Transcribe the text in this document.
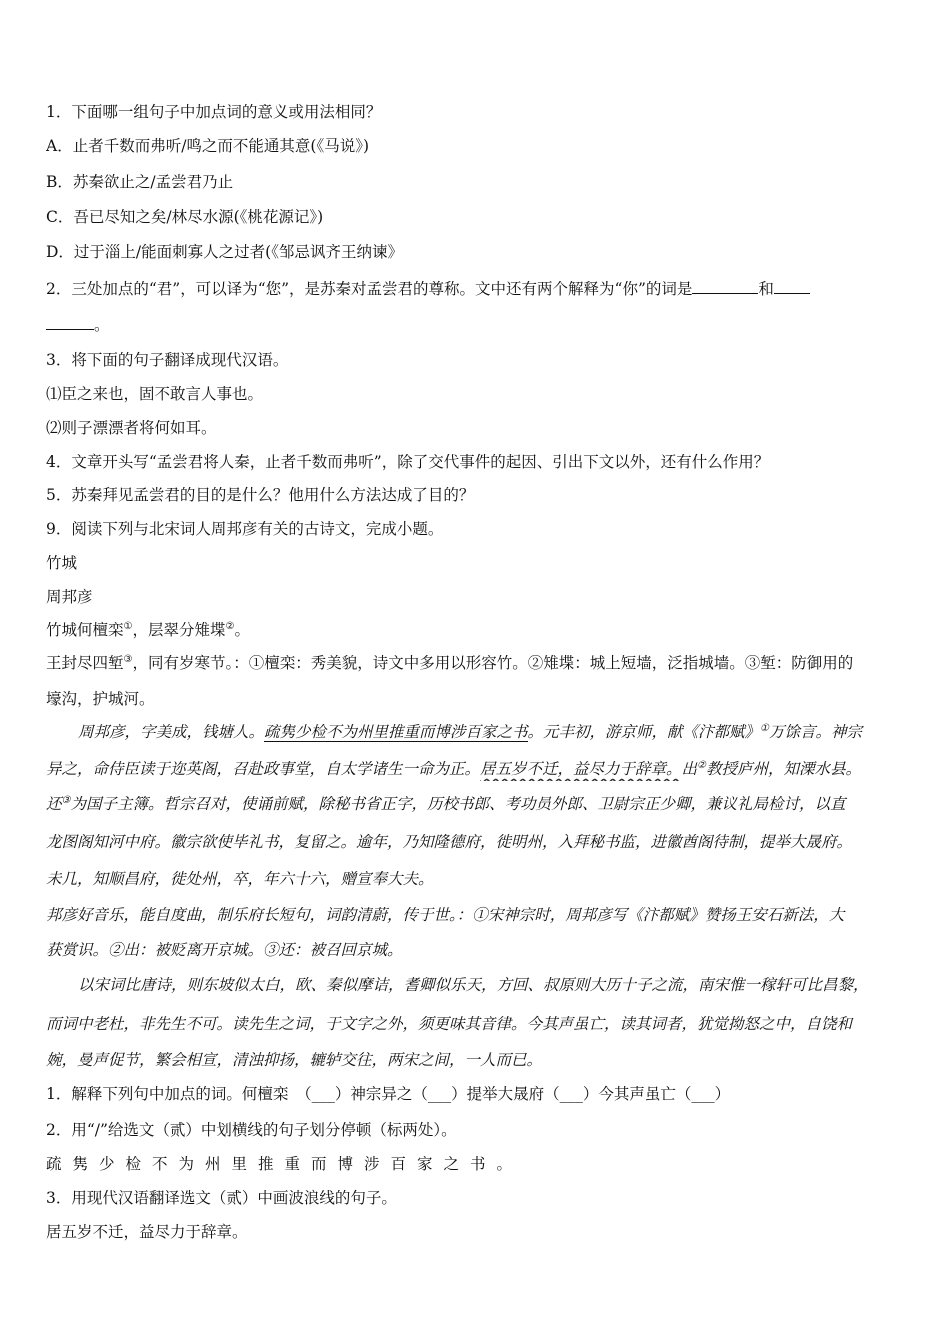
1．下面哪一组句子中加点词的意义或用法相同？
A．止者千数而弗听/鸣之而不能通其意(《马说》)
B．苏秦欲止之/孟尝君乃止
C．吾已尽知之矣/林尽水源(《桃花源记》)
D．过于淄上/能面刺寡人之过者(《邹忌讽齐王纳谏》
2．三处加点的“君”，可以译为“您”，是苏秦对孟尝君的尊称。文中还有两个解释为“你”的词是	和
。
3．将下面的句子翻译成现代汉语。
⑴臣之来也，固不敢言人事也。
⑵则子漂漂者将何如耳。
4．文章开头写“孟尝君将人秦，止者千数而弗听”，除了交代事件的起因、引出下文以外，还有什么作用？
5．苏秦拜见孟尝君的目的是什么？他用什么方法达成了目的？
9．阅读下列与北宋词人周邦彦有关的古诗文，完成小题。
竹城
周邦彦
竹城何檀栾①，层翠分雉堞②。
王封尽四堑③，同有岁寒节。：①檀栾：秀美貌，诗文中多用以形容竹。②雉堞：城上短墙，泛指城墙。③堑：防御用的
壕沟，护城河。
周邦彦，字美成，钱塘人。疏隽少检不为州里推重而博涉百家之书。元丰初，游京师，献《汴都赋》①万馀言。神宗
异之，命侍臣读于迩英阁，召赴政事堂，自太学诸生一命为正。居五岁不迁，益尽力于辞章。出②教授庐州，知溧水县。
还③为国子主簿。哲宗召对，使诵前赋，除秘书省正字，历校书郎、考功员外郎、卫尉宗正少卿，兼议礼局检讨，以直
龙图阁知河中府。徽宗欲使毕礼书，复留之。逾年，乃知隆德府，徙明州，入拜秘书监，进徽酋阁待制，提举大晟府。
未几，知顺昌府，徙处州，卒，年六十六，赠宣奉大夫。
邦彦好音乐，能自度曲，制乐府长短句，词韵清蔚，传于世。：①宋神宗时，周邦彦写《汴都赋》赞扬王安石新法，大
获赏识。②出：被贬离开京城。③还：被召回京城。
以宋词比唐诗，则东坡似太白，欧、秦似摩诘，耆卿似乐天，方回、叔原则大历十子之流，南宋惟一稼轩可比昌黎，
而词中老杜，非先生不可。读先生之词，于文字之外，须更味其音律。今其声虽亡，读其词者，犹觉拗怒之中，自饶和
婉，曼声促节，繁会相宣，清浊抑扬，辘轳交往，两宋之间，一人而已。
1．解释下列句中加点的词。何檀栾　（___）神宗异之（___）提举大晟府（___）今其声虽亡（___）
2．用“/”给选文（贰）中划横线的句子划分停顿（标两处）。
疏隽少检不为州里推重而博涉百家之书。
3．用现代汉语翻译选文（贰）中画波浪线的句子。
居五岁不迁，益尽力于辞章。
